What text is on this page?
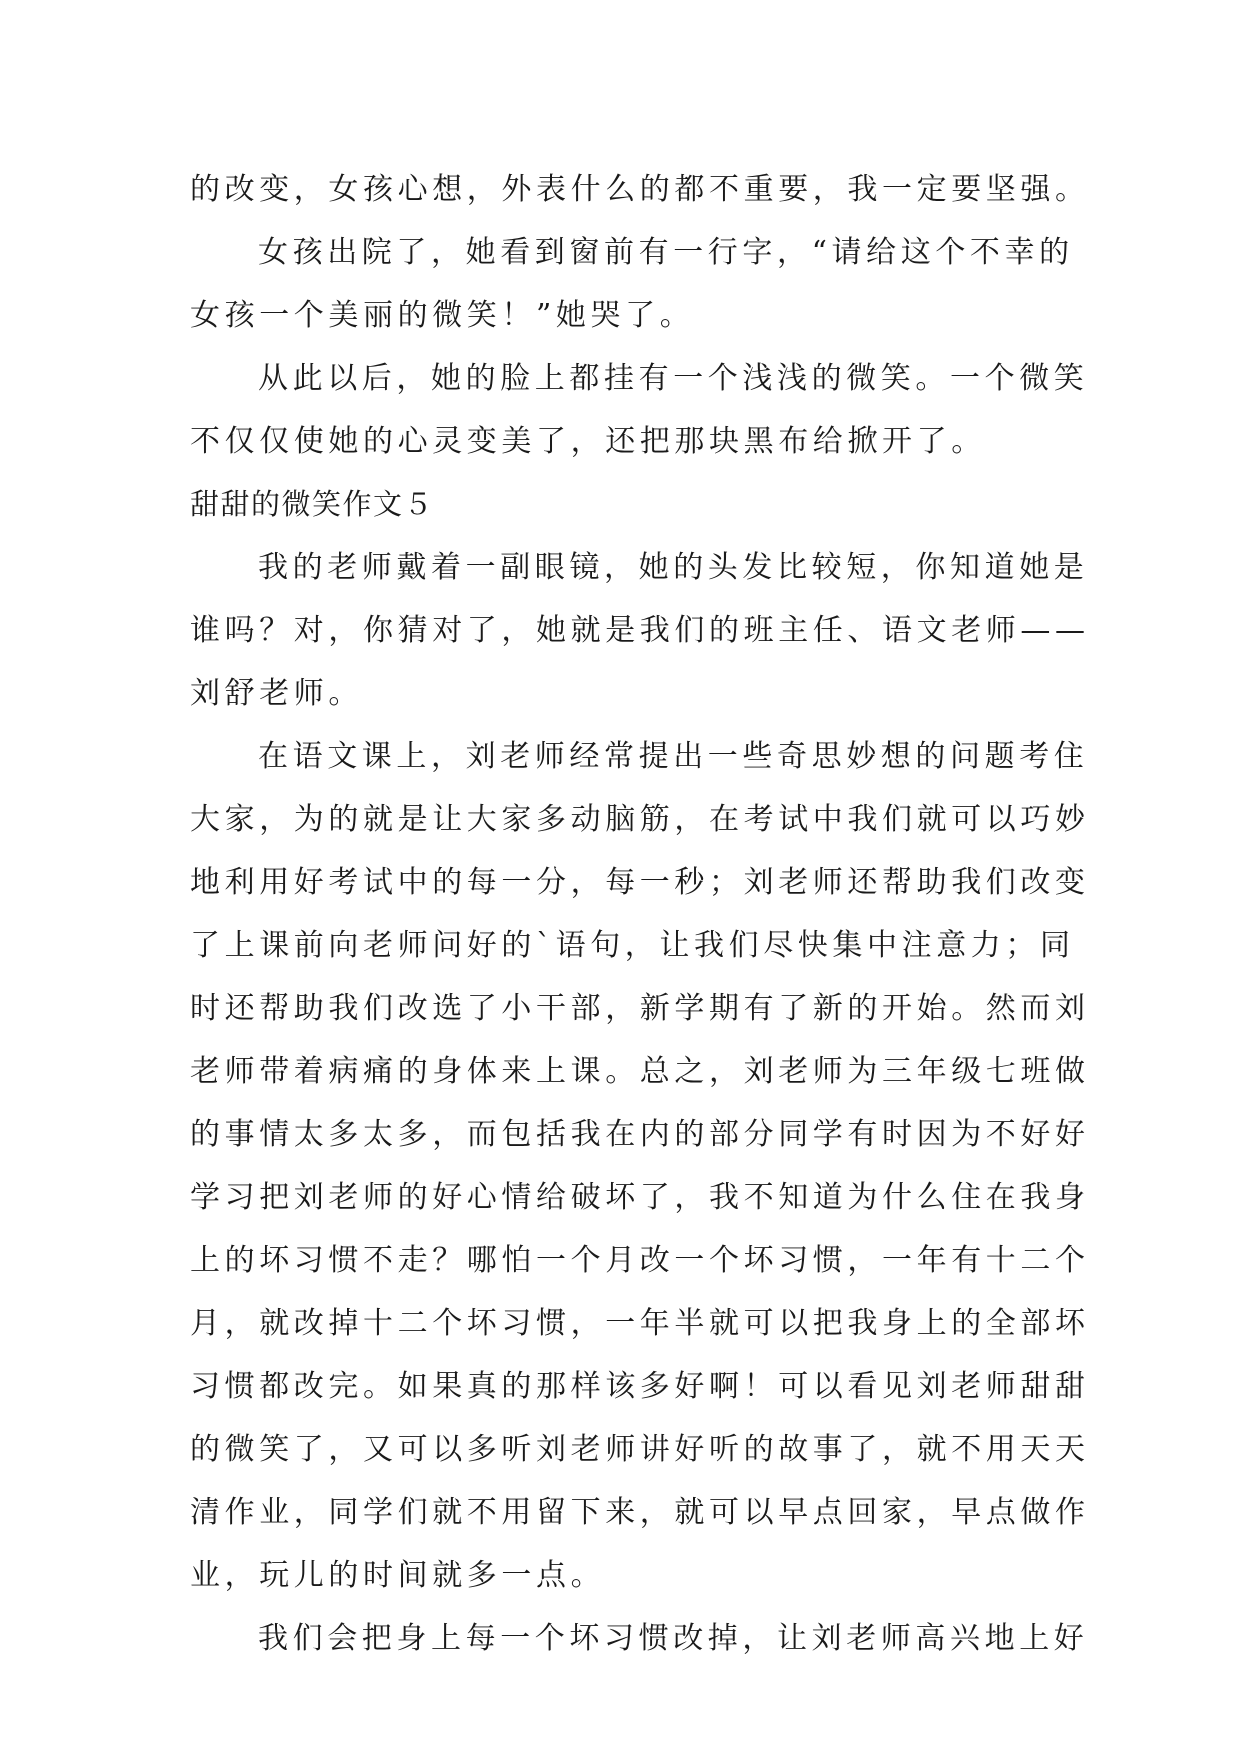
的改变，女孩心想，外表什么的都不重要，我一定要坚强。
女孩出院了，她看到窗前有一行字，“请给这个不幸的
女孩一个美丽的微笑！”她哭了。
从此以后，她的脸上都挂有一个浅浅的微笑。一个微笑
不仅仅使她的心灵变美了，还把那块黑布给掀开了。
甜甜的微笑作文５
我的老师戴着一副眼镜，她的头发比较短，你知道她是
谁吗？对，你猜对了，她就是我们的班主任、语文老师——
刘舒老师。
在语文课上，刘老师经常提出一些奇思妙想的问题考住
大家，为的就是让大家多动脑筋，在考试中我们就可以巧妙
地利用好考试中的每一分，每一秒；刘老师还帮助我们改变
了上课前向老师问好的`语句，让我们尽快集中注意力；同
时还帮助我们改选了小干部，新学期有了新的开始。然而刘
老师带着病痛的身体来上课。总之，刘老师为三年级七班做
的事情太多太多，而包括我在内的部分同学有时因为不好好
学习把刘老师的好心情给破坏了，我不知道为什么住在我身
上的坏习惯不走？哪怕一个月改一个坏习惯，一年有十二个
月，就改掉十二个坏习惯，一年半就可以把我身上的全部坏
习惯都改完。如果真的那样该多好啊！可以看见刘老师甜甜
的微笑了，又可以多听刘老师讲好听的故事了，就不用天天
清作业，同学们就不用留下来，就可以早点回家，早点做作
业，玩儿的时间就多一点。
我们会把身上每一个坏习惯改掉，让刘老师高兴地上好
